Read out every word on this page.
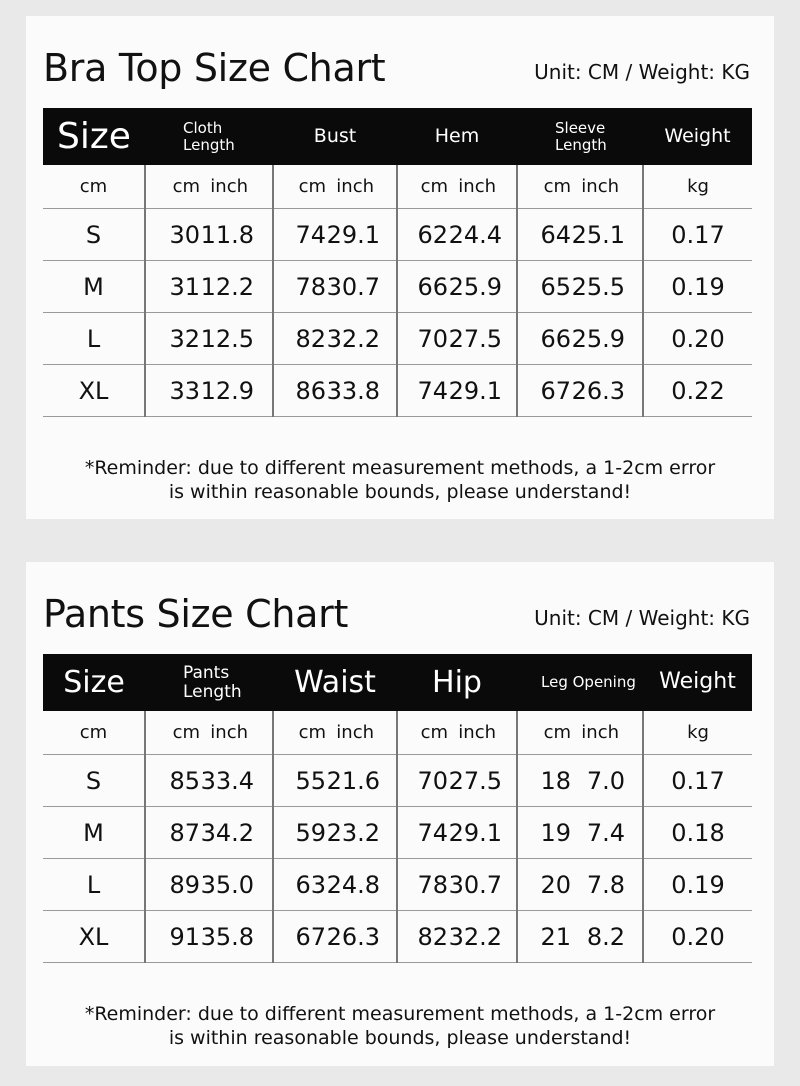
Bra Top Size Chart	Unit: CM / Weight: KG
Size	Cloth Length	Bust	Hem	Sleeve Length	Weight
cm	cm inch	cm inch	cm inch	cm inch	kg
S	3011.8	7429.1	6224.4	6425.1	0.17
M	3112.2	7830.7	6625.9	6525.5	0.19
L	3212.5	8232.2	7027.5	6625.9	0.20
XL	3312.9	8633.8	7429.1	6726.3	0.22
*Reminder: due to different measurement methods, a 1-2cm error
is within reasonable bounds, please understand!
Pants Size Chart	Unit: CM / Weight: KG
Size	Pants Length	Waist	Hip	Leg Opening	Weight
cm	cm inch	cm inch	cm inch	cm inch	kg
S	8533.4	5521.6	7027.5	18 7.0	0.17
M	8734.2	5923.2	7429.1	19 7.4	0.18
L	8935.0	6324.8	7830.7	20 7.8	0.19
XL	9135.8	6726.3	8232.2	21 8.2	0.20
*Reminder: due to different measurement methods, a 1-2cm error
is within reasonable bounds, please understand!
